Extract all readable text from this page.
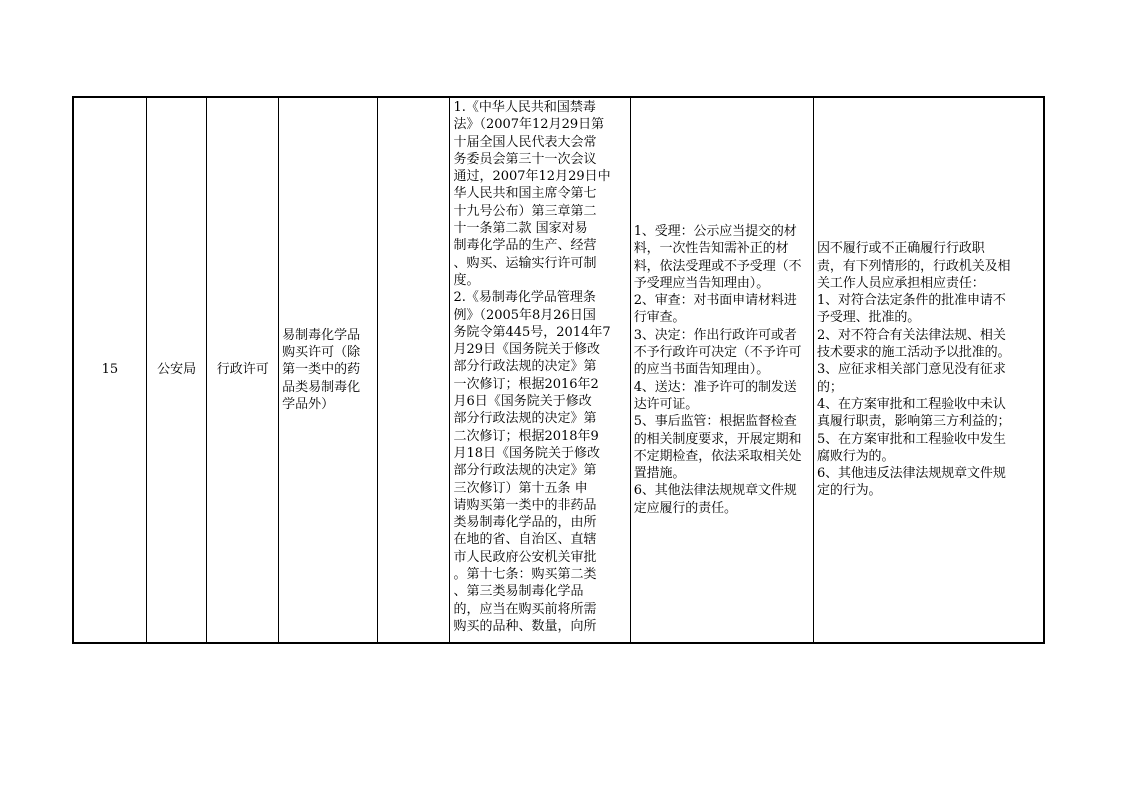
15	公安局 行政许可
易制毒化学品
购买许可（除
第一类中的药
品类易制毒化
学品外）
1.《中华人民共和国禁毒
法》（2007年12月29日第
十届全国人民代表大会常
务委员会第三十一次会议
通过，2007年12月29日中
华人民共和国主席令第七
十九号公布）第三章第二
十一条第二款 国家对易
制毒化学品的生产、经营
、购买、运输实行许可制
度。
2.《易制毒化学品管理条
例》（2005年8月26日国
务院令第445号，2014年7
月29日《国务院关于修改
部分行政法规的决定》第
一次修订；根据2016年2
月6日《国务院关于修改
部分行政法规的决定》第
二次修订；根据2018年9
月18日《国务院关于修改
部分行政法规的决定》第
三次修订）第十五条 申
请购买第一类中的非药品
类易制毒化学品的，由所
在地的省、自治区、直辖
市人民政府公安机关审批
。第十七条：购买第二类
、第三类易制毒化学品
的，应当在购买前将所需
购买的品种、数量，向所
1、受理：公示应当提交的材
料，一次性告知需补正的材
料，依法受理或不予受理（不
予受理应当告知理由）。
2、审查：对书面申请材料进
行审查。
3、决定：作出行政许可或者
不予行政许可决定（不予许可
的应当书面告知理由）。
4、送达：准予许可的制发送
达许可证。
5、事后监管：根据监督检查
的相关制度要求，开展定期和
不定期检查，依法采取相关处
置措施。
6、其他法律法规规章文件规
定应履行的责任。
因不履行或不正确履行行政职
责，有下列情形的，行政机关及相
关工作人员应承担相应责任：
1、对符合法定条件的批准申请不
予受理、批准的。
2、对不符合有关法律法规、相关
技术要求的施工活动予以批准的。
3、应征求相关部门意见没有征求
的；
4、在方案审批和工程验收中未认
真履行职责，影响第三方利益的；
5、在方案审批和工程验收中发生
腐败行为的。
6、其他违反法律法规规章文件规
定的行为。
